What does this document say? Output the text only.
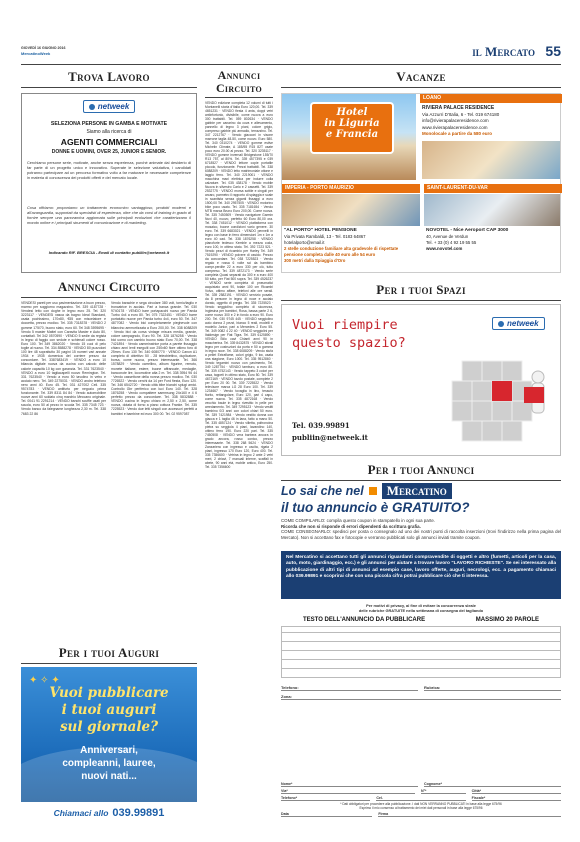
GIOVEDÌ 16 GIUGNO 2016
MercatinoWeek	il Mercato 55
Trova Lavoro
netweek
SELEZIONA PERSONE IN GAMBA E MOTIVATE
Siamo alla ricerca di
AGENTI COMMERCIALI
DONNE E UOMINI, OVER 25, JUNIOR E SENIOR.
Cerchiamo persone serie, motivate, anche senza esperienza, purché animate dal desiderio di far parte di un progetto unico e innovativo. Superate le selezione valutativa, i candidati potranno partecipare ad un percorso formativo volto a far maturare le necessarie competenze in materia di conoscenza dei prodotti offerti e del mercato locale.
Cosa offriamo: proponiamo un trattamento economico vantaggioso, prodotti moderni e all'avanguardia, supportati da specialisti di esperienza, oltre che da corsi di training in grado di fornire sempre una panoramica aggiornata sulle principali evoluzioni che caratterizzano il mondo online e i principali strumenti di comunicazione e di marketing.
Indicando RIF. BRESCIA - Email di contatto publilin@netweek.it
Annunci Circuito
VENDESI pareti per uso pavimentazione a buon prezzo, marmo per soggiorno magazzino. Tel. 339 4187728 · Vendesi letto con doghe in legno euro 25. Tel. 320 3223117 · VENDESI vasca da bagno Ideal Standard, usata pochissimo, 170x80, €55 con miscelatore e doccetta, prezzo modico. Tel. 335 7318378 · VENDO 2 gomme 175/70, buono stato, euro 60. Tel 348 3595695 · Vendo 5 master Mattel con Caravita Master e Auto 80, contattali. Tel 342 0570590 · VENDO 5 sedie da regista in legno di faggio con sedute e schienali colore rosso. Euro 100. Tel 349 3862020 · Vendo 15 cuoi di pelo toglie al nuovo. Tel. 334 8588278 · VENDO 80 puzzoloni 100 lire 48 soprattutto 30 pagini 15 numeri vari annate 1934 e 1935 domenica del corriere prezzo da concordare. Tel. 3387683419 · VENDO a euro 10 bilancia digitale nuova da cucina con calcolo delle calorie capacità 10 kg con garanzia. Tel. 331 7623540 · VENDO a euro 10 tagliacapelli nuovo Remington. Tel. 331 7623540 · Vendo a euro 50 tavolino in vetro e acciaio nero. Tel. 349 2275031 · VENDO andro telefono nero anni 40. Euro 45. Tel. 031 427002 Cell. 335 9574783 · VENDO antifurto per negozio prima funzionante. Tel. 339 8311 84 84 · Vendo automobiline nuove anni 60 soldato cinq marchio Meccano originale. Tel. 0041 91 2291214 · VENDO banchi scuffle usati per scuola, euro 50 al pezzo in scuola Tel. 335 7345 723 · Vendo banco da falegname lunghezza 2,30 m. Tel. 338 7683 22 86
Vendo barachie e sega circolare 380 volt, tornio/taglio e troncatrice in acciaio. Pari a banca grande. Tel. 030 9740178 · VENDO bare portapacchi nuovo per Panda Turbo 4x4 a euro 80. Tel. 075 7322451 · VENDO barre portatutto nuove per Panda turbo 4x4, euro 50. Tel. 347 4877082 · Vendo bici completamente pieghevole con bilancino ammortizzata a Euro 200,00. Tel. 338 6088209 · Vendo bici da corsa vintage misura media, grande, colore campagnolo, Euro 90. Tel. 328 1876258 · Vendo bici uomo con cambio buono stato Euro 70,00. Tel. 338 7421894 · Vendo camminatrice porta a parete fissaggio chiaro anni lenti eseguiti con 250x60 fiore ottimo foro di 25mm. Euro 130 Tel. 340 6080770 · VENDO Canon A1 completo di obiettivo 50 - 28 teleobiettivo, duplicatore, borsa, come nuova, prezzo interessante. Tel. 366 1578829 · Vendo carrellino, album figurine, remoto, monete italiane, estere, buone affrancate, medaglie, banconote lire, locomotive alta 2 m. Tel. 338 3954 96 44 · Vendo cassettone della nonna prezzo modico. Tel. 030 7726522 · Vendo cerchi da 14 per Ford fiesta, Euro 120. Tel. 346 6542720 · Vendo città bibe bianchi splugi amici. Controllo Gbr periferico con luci Euro 140. Tel. 328 1876258 · Vendo compattere sammsung 24x160 e 4 6 perfetto prezzo da concordare. Tel. 338 5832888 · VENDO cucina in legno chiaro m 2,50 x 2,50, come nuova, dotata di forno a piano cottura Franke. Tel. 335 7225523 · Vendo due letti singoli con accessori perfetti a bambini e bambine ed euro 300 00. Tel. 02 9597087
Per i tuoi Auguri
✦ ✧ ✦
Vuoi pubblicare
i tuoi auguri
sul giornale?
Anniversari,
compleanni, lauree,
nuovi nati...
Chiamaci allo 039.99891
Annunci Circuito
VENDO edizione completa 12 volumi di tutti i Montanelli storia d'Italia Euro 120,00. Tel. 339 4651231 · VENDO fiesta 4 anta, doppi vetri antinfortunio, divisibile, come nuova a euro 300 trattabili. Tel. 059 802634 · VENDO gabbie per canarino da cova e allevamento, pannello di legno 3 piani, colore grigio, compreso gabbie più armadio, terrazzino. Tel. 347 2212767 · Vendo giacconi in visone marrone taglia 48-50, come nuovo. Euro 580. Tel. 340 0310274 · VENDO gomme estive Michelin Climate, A 185/55 R15 82T usate poco euro 20.00 al pezzo. Tel. 320 3235117 · VENDO gomme invernali Bridgestone 155/70 R13 75T, al 80%. Tel. 339 4577395 e 039 6718527 · VENDO lettore copie portatile piccolo, funzionante. Prezzi trattabili. Tel. 338 6088209 · VENDO letto matrimoniale ottone e laggio ferro. Tel. 340 2219001 · VENDO macchina maxi elettrica per indurre colla calzature. Tel. 035 438178 · Vendo mobile Nuova in silvestro Carlo e 2 cassetti. Tel. 339 2532775 · VENDO morsa sottile e cingoli per arcaro, parmetro il rapporto di spiaggia e scale in scantista senza giganti fissaggi a euro 1500,00 Tel. 340 2957505 · VENDO motorino bike poco usato. Tel. 335 7181654 · Vendo MTB marca Bruno Euro 200,00. Come nuova. Tel. 335 7450509 · Vendo navigatore Garmin Nuvi 40, nuovo, perfetto 60 Euro 80,00 ora. Tel. 338 7451012 · VENDO piattaforma con mosaico, buone condizioni vario genere. 30 euro. Tel. 339 6683021 · VENDO pennelli in legno con base in ferro dimensioni 1m x 1m a euro 40 cad. Tel. 338 1876258 · VENDO pianoforte tedesco Kemble a mezza coda, euro 100, in ottimo stato. Tel. 392 7223 521 · Vendo pezzi di ricambio per Harley Tel. 349 7519290 · VENDO polvere di ossido. Prezzo da concordare. Tel. 038 7225523 · Vendo regalo e rossa 6 volte sci da bambino compr.perdite 22 a euro 330 per ciò, tutto compreso. Tel. 339 4872173 · Vendo serie completa Quasi separati da 300 e a euro 400 50 tutto, per Fiat 500 sopra. Tel. 339 4526237 · VENDO serie completa di pneumatici acquistato anni 90, totale 100 cm Ricambi Volvo, ottimo affare, telefoni alle ore serali. Tel. 339 2582191 · VENDO servizio posate, da 8 persone in legno di noce e acciaio dorato, oggetto di pregio. Tel. 335 7225523 · Vendo seggiolino completo di sicurezza, Inglesina per bambini, Rosa, bassa parte 2 6, come nuovo 300 e 2 in fondo a euro 90. Euro 200. Tel. 030 9745 445 · VENDO seggiolino auto donna 2 pezzi, bianco 5 reali, modelli e modello Junior, pari a Mercedes 2 Euro 55. Tel. 349 0082 4 22 40 · VENDO seggiolini per Italdesign per Fiat Tigra. Tel. 339 6125890 · VENDO Stilo cavi Chianti anni 90 in mascherina. Tel. 339 8432875 · VENDO stivali legno per costruzioni da porta e 50 a gomma in legno noce. Tel. 338 6088209 · Vendo stufa a pellet Extraflame, colori grigio, 9 kw, usata una stagione, Euro 1000. Tel. 335 9512860 · Vendo tegamini nuovo con pavimento, Tel. 349 1287754 · VENDO tamburo, a euro 80. Tel. 339 4752143 · Vendo tappeto 3 colori per casa, tappeti in ottimo stato, Euro 50. Tel. 339 4672169 · VENDO tavolo postale, complete 2 per Euro 20 00. Tel. 339 7225522 · Vendo televisore marca LG 28 Euro 100. Tel. 339 1234667 · Vendo tovaglia in lino, tessuto fiorito, rettangolare, Euro 120, pari 4 capo, come nuova. Tel. 335 4872168 · Vendo vecchio baule in legno rivestito in pelle per arredamento. Tel. 349 7295123 · Vendo vestiti bambino 0/3 anni con colori chiari 50 euro. Tel. 339 7421984 · Vendo vestito donna con giacca e 1 taglia 46 in lana, fatto a mano 50. Tel. 335 4857124 · Vendo villetta, poltroncina pietra su seggiola 4 piani, lavandino 140, ottimo ferro 190. Euro 220 pari. Tel. 335 7450508 · VENDO vera barbera ancora in grado ancora, rosso conico, prezzo interessante. Tel. 338 268 5624 · VENDO Zanzariera con ingresso e uscita, rigata 2 piani, ingresso 170 Euro 120, Euro 400. Tel. 335 7356600 · Vetrina in legno 2 ante 2 vetri meri, 2 chiavi, 7 manuali interne, scaffali in abete, 90 anni età, mobile antico, Euro 250. Tel. 335 7356600
Vacanze
Hotel
in Liguria
e Francia
LOANO
RIVIERA PALACE RESIDENCE
Via Azzurri D'Italia, 6 - Tel. 019 674180
info@rivierapalaceresidence.com
www.rivierapalaceresidence.com
Monolocale a partire da 580 euro
IMPERIA - PORTO MAURIZIO
"AL PORTO" HOTEL PENSIONE
Via Privata Rambaldi, 13 - Tel. 0183 64867
hotelalporto@email.it
2 stelle conduzione familiare alta gradevole di rispettate
pensione completa dalle 40 euro alle 54 euro
300 metri dalla Spiaggia d'Oro
SAINT-LAURENT-DU-VAR
NOVOTEL - Nice Aeroport CAP 3000
40, Avenue de Verdun
Tel. + 33 (0) 4 92 19 55 55
www.novotel.com
Per i tuoi Spazi
Vuoi riempire
questo spazio?
netweek
Tel. 039.99891
publiin@netweek.it
Per i tuoi Annunci
Lo sai che nel	Mercatino
il tuo annuncio è GRATUITO?
COME COMPILARLO: compila questo coupon in stampatello in ogni sua parte.
Ricorda che non si risponde di errori dipendenti da scrittura grafia.
COME CONSEGNARLO: spedisci per posta o consegnalo ad uno dei nostri punti di raccolta inserzioni (trovi l'indirizzo nella prima pagina del Mercato). Non si accettano fax e fotocopie e verranno pubblicati solo gli annunci inviati tramite coupon.
Nel Mercatino si accettano tutti gli annunci riguardanti compravendite di oggetti e altro (fumetti, articoli per la casa, auto, moto, giardinaggio, ecc.) e gli annunci per aiutare a trovare lavoro "LAVORO RICHIESTE". Se sei interessato alla pubblicazione di altri tipi di annunci ad esempio case, lavoro offerte, auguri, necrologi, ecc. a pagamento chiamaci allo 039.99891 e scoprirai che con una piccola cifra potrai pubblicare ciò che ti interessa.
Per motivi di privacy, al fine di evitare la concorrenza sleale
delle rubriche GRATUITE nella settimana di consegna del tagliando
TESTO DELL'ANNUNCIO DA PUBBLICARE	MASSIMO 20 PAROLE
Telefono:	Rubrica:
Zona:
Nome*	Cognome*
Via*	N°*	Città*
Telefono*	Cel.	Fiscale*
* Dati obbligatori per procedere alla pubblicazione. I dati NON VERRANNO PUBBLICATI in base alla legge 675/96
Esprimo il mio consenso al trattamento dei miei dati personali in base alla legge 675/96
Data	Firma
